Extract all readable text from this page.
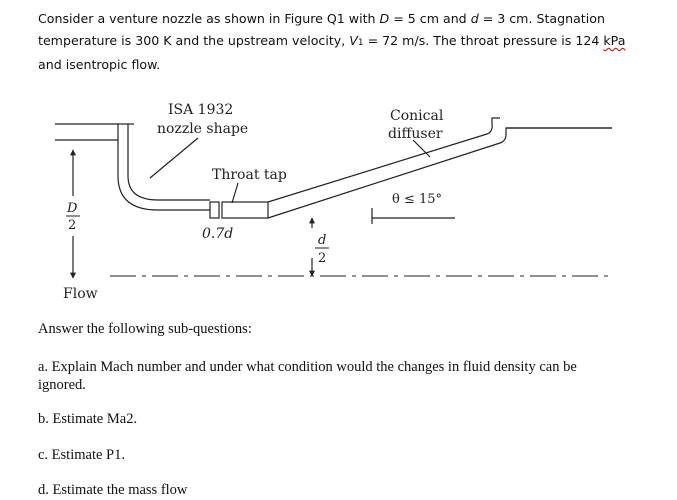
Consider a venture nozzle as shown in Figure Q1 with D = 5 cm and d = 3 cm. Stagnation temperature is 300 K and the upstream velocity, V1 = 72 m/s. The throat pressure is 124 kPa
and isentropic flow.
ISA 1932
nozzle shape
Conical
diffuser
Throat tap
0.7d
θ ≤ 15°
D
2
d
2
Flow
Answer the following sub-questions:
a. Explain Mach number and under what condition would the changes in fluid density can be ignored.
b. Estimate Ma2.
c. Estimate P1.
d. Estimate the mass flow
